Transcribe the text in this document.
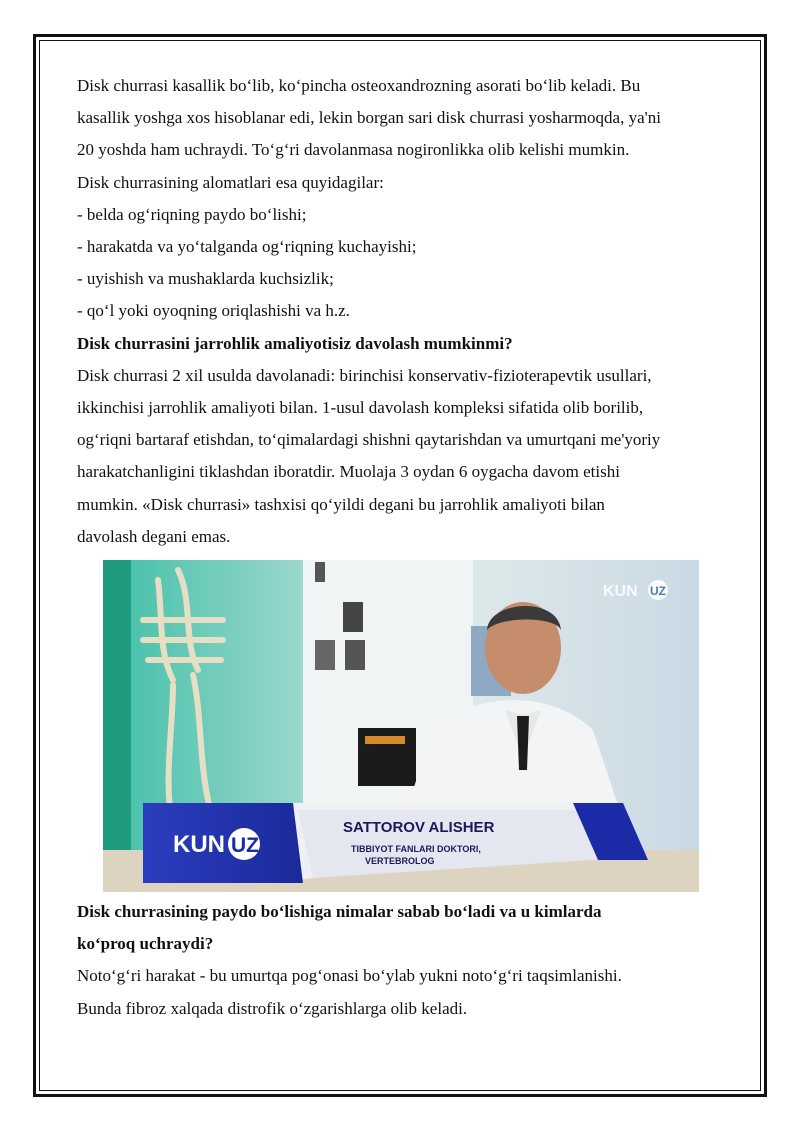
Disk churrasi kasallik bo‘lib, ko‘pincha osteoxandrozning asorati bo‘lib keladi. Bu

kasallik yoshga xos hisoblanar edi, lekin borgan sari disk churrasi yosharmoqda, ya'ni

20 yoshda ham uchraydi. To‘g‘ri davolanmasa nogironlikka olib kelishi mumkin.

Disk churrasining alomatlari esa quyidagilar:

- belda og‘riqning paydo bo‘lishi;

- harakatda va yo‘talganda og‘riqning kuchayishi;

- uyishish va mushaklarda kuchsizlik;

- qo‘l yoki oyoqning oriqlashishi va h.z.

Disk churrasini jarrohlik amaliyotisiz davolash mumkinmi?

Disk churrasi 2 xil usulda davolanadi: birinchisi konservativ-fizioterapevtik usullari,

ikkinchisi jarrohlik amaliyoti bilan. 1-usul davolash kompleksi sifatida olib borilib,

og‘riqni bartaraf etishdan, to‘qimalardagi shishni qaytarishdan va umurtqani me'yoriy

harakatchanligini tiklashdan iboratdir. Muolaja 3 oydan 6 oygacha davom etishi

mumkin. «Disk churrasi» tashxisi qo‘yildi degani bu jarrohlik amaliyoti bilan

davolash degani emas.

KUN UZ
SATTOROV ALISHER
TIBBIYOT FANLARI DOKTORI,
VERTEBROLOG
KUN UZ

Disk churrasining paydo bo‘lishiga nimalar sabab bo‘ladi va u kimlarda

ko‘proq uchraydi?

Noto‘g‘ri harakat - bu umurtqa pog‘onasi bo‘ylab yukni noto‘g‘ri taqsimlanishi.

Bunda fibroz xalqada distrofik o‘zgarishlarga olib keladi.
